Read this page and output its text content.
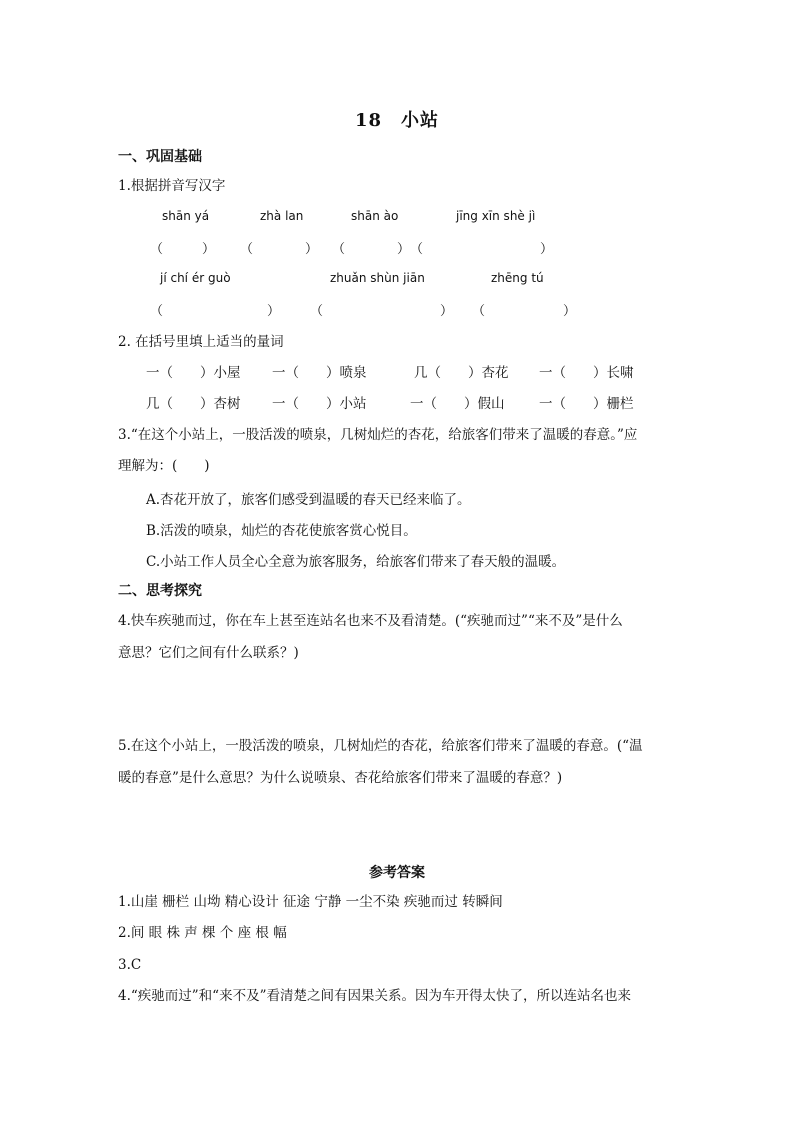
18　小站
一、巩固基础
1.根据拼音写汉字
shān yá	zhà lan	shān ào	jīng xīn shè jì
（　　　） （　　　　） （　　　　） （　　　　　　　　　）
jí chí ér guò	zhuǎn shùn jiān	zhēng tú
（　　　　　　　　） （　　　　　　　　　） （　　　　　　）
2. 在括号里填上适当的量词
一（　　）小屋 一（　　）喷泉	几（　　）杏花 一（　　）长啸
几（　　）杏树 一（　　）小站	一（　　）假山	一（　　）栅栏
3.“在这个小站上，一股活泼的喷泉，几树灿烂的杏花，给旅客们带来了温暖的春意。”应
理解为：(　　)
A.杏花开放了，旅客们感受到温暖的春天已经来临了。
B.活泼的喷泉，灿烂的杏花使旅客赏心悦目。
C.小站工作人员全心全意为旅客服务，给旅客们带来了春天般的温暖。
二、思考探究
4.快车疾驰而过，你在车上甚至连站名也来不及看清楚。(“疾驰而过”“来不及”是什么
意思？它们之间有什么联系？)
5.在这个小站上，一股活泼的喷泉，几树灿烂的杏花，给旅客们带来了温暖的春意。(“温
暖的春意”是什么意思？为什么说喷泉、杏花给旅客们带来了温暖的春意？)
参考答案
1.山崖 栅栏 山坳 精心设计 征途 宁静 一尘不染 疾驰而过 转瞬间
2.间 眼 株 声 棵 个 座 根 幅
3.C
4.“疾驰而过”和“来不及”看清楚之间有因果关系。因为车开得太快了，所以连站名也来
